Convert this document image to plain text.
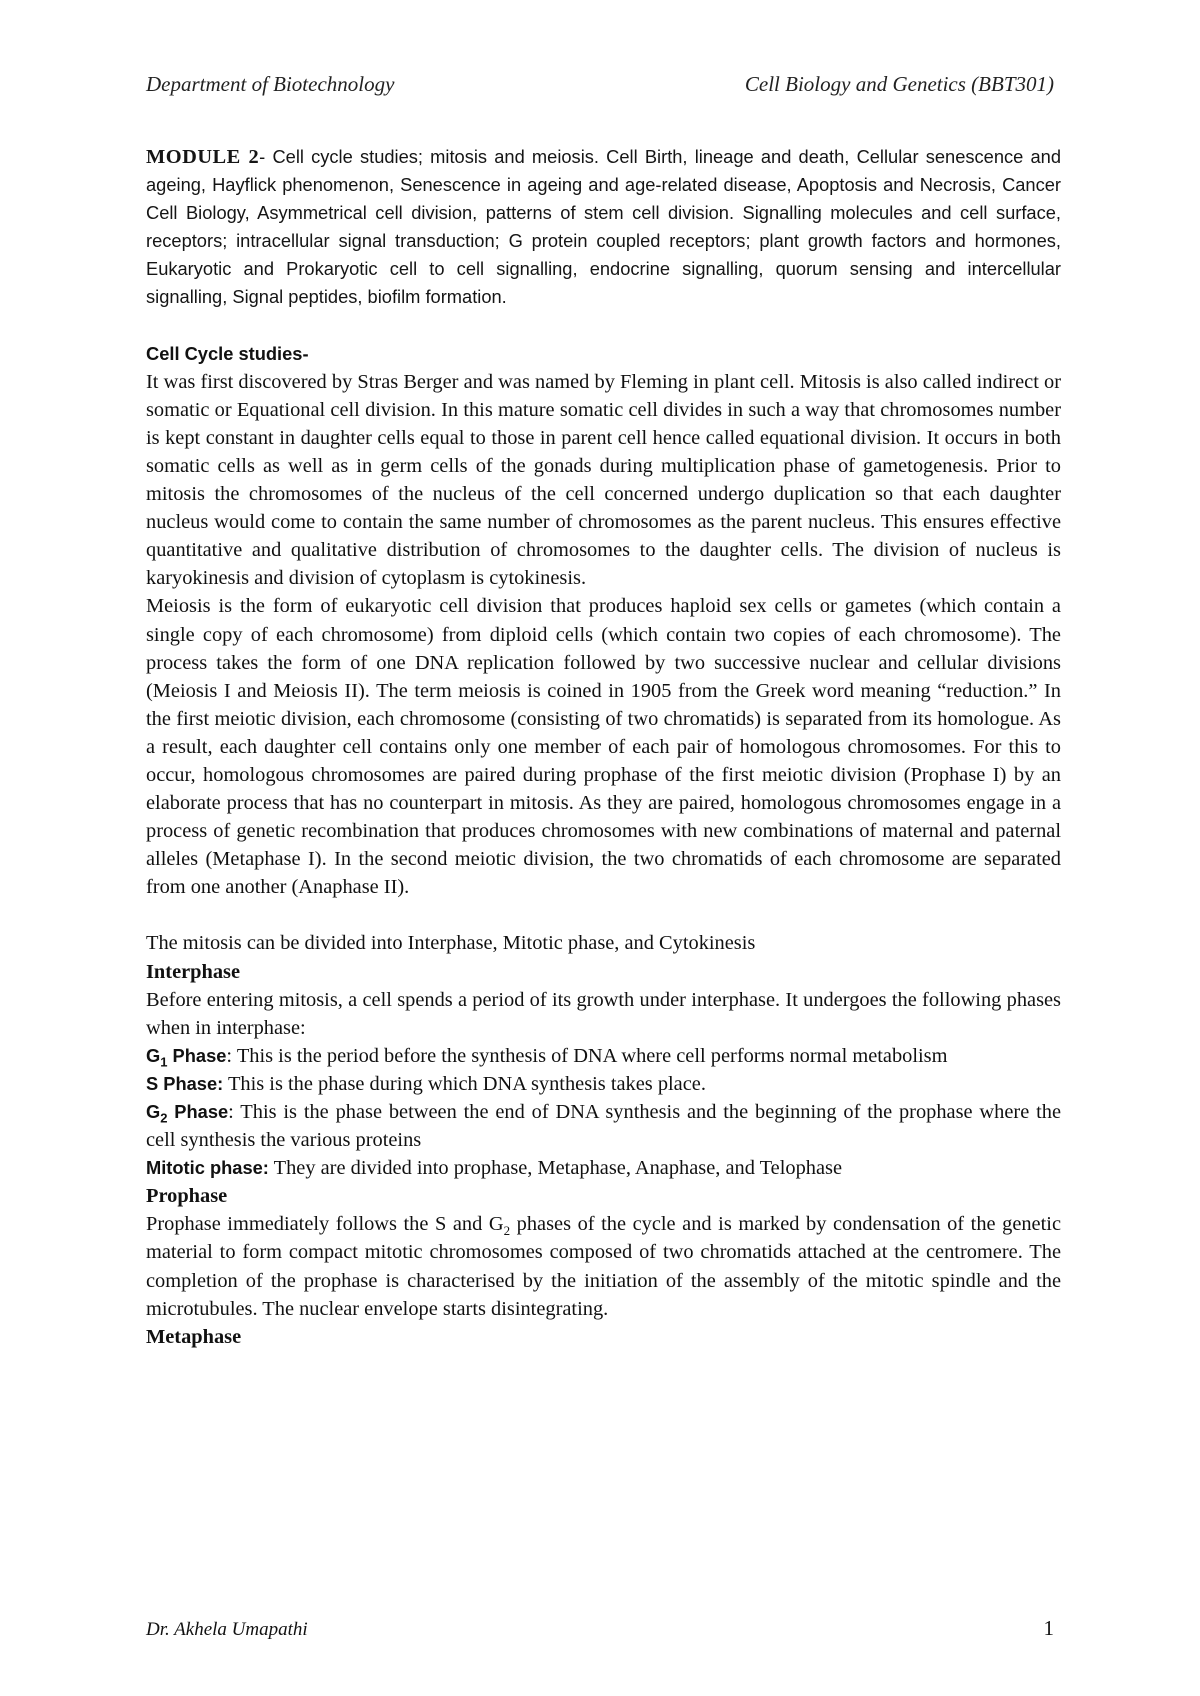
Department of Biotechnology	Cell Biology and Genetics (BBT301)

MODULE 2- Cell cycle studies; mitosis and meiosis. Cell Birth, lineage and death, Cellular senescence and ageing, Hayflick phenomenon, Senescence in ageing and age-related disease, Apoptosis and Necrosis, Cancer Cell Biology, Asymmetrical cell division, patterns of stem cell division. Signalling molecules and cell surface, receptors; intracellular signal transduction; G protein coupled receptors; plant growth factors and hormones, Eukaryotic and Prokaryotic cell to cell signalling, endocrine signalling, quorum sensing and intercellular signalling, Signal peptides, biofilm formation.

Cell Cycle studies-

It was first discovered by Stras Berger and was named by Fleming in plant cell. Mitosis is also called indirect or somatic or Equational cell division. In this mature somatic cell divides in such a way that chromosomes number is kept constant in daughter cells equal to those in parent cell hence called equational division. It occurs in both somatic cells as well as in germ cells of the gonads during multiplication phase of gametogenesis. Prior to mitosis the chromosomes of the nucleus of the cell concerned undergo duplication so that each daughter nucleus would come to contain the same number of chromosomes as the parent nucleus. This ensures effective quantitative and qualitative distribution of chromosomes to the daughter cells. The division of nucleus is karyokinesis and division of cytoplasm is cytokinesis.

Meiosis is the form of eukaryotic cell division that produces haploid sex cells or gametes (which contain a single copy of each chromosome) from diploid cells (which contain two copies of each chromosome). The process takes the form of one DNA replication followed by two successive nuclear and cellular divisions (Meiosis I and Meiosis II). The term meiosis is coined in 1905 from the Greek word meaning “reduction.” In the first meiotic division, each chromosome (consisting of two chromatids) is separated from its homologue. As a result, each daughter cell contains only one member of each pair of homologous chromosomes. For this to occur, homologous chromosomes are paired during prophase of the first meiotic division (Prophase I) by an elaborate process that has no counterpart in mitosis. As they are paired, homologous chromosomes engage in a process of genetic recombination that produces chromosomes with new combinations of maternal and paternal alleles (Metaphase I). In the second meiotic division, the two chromatids of each chromosome are separated from one another (Anaphase II).

The mitosis can be divided into Interphase, Mitotic phase, and Cytokinesis

Interphase

Before entering mitosis, a cell spends a period of its growth under interphase. It undergoes the following phases when in interphase:

$G_1$ Phase: This is the period before the synthesis of DNA where cell performs normal metabolism

S Phase: This is the phase during which DNA synthesis takes place.

$G_2$ Phase: This is the phase between the end of DNA synthesis and the beginning of the prophase where the cell synthesis the various proteins

Mitotic phase: They are divided into prophase, Metaphase, Anaphase, and Telophase

Prophase

Prophase immediately follows the S and $G_2$ phases of the cycle and is marked by condensation of the genetic material to form compact mitotic chromosomes composed of two chromatids attached at the centromere. The completion of the prophase is characterised by the initiation of the assembly of the mitotic spindle and the microtubules. The nuclear envelope starts disintegrating.

Metaphase

Dr. Akhela Umapathi	1
